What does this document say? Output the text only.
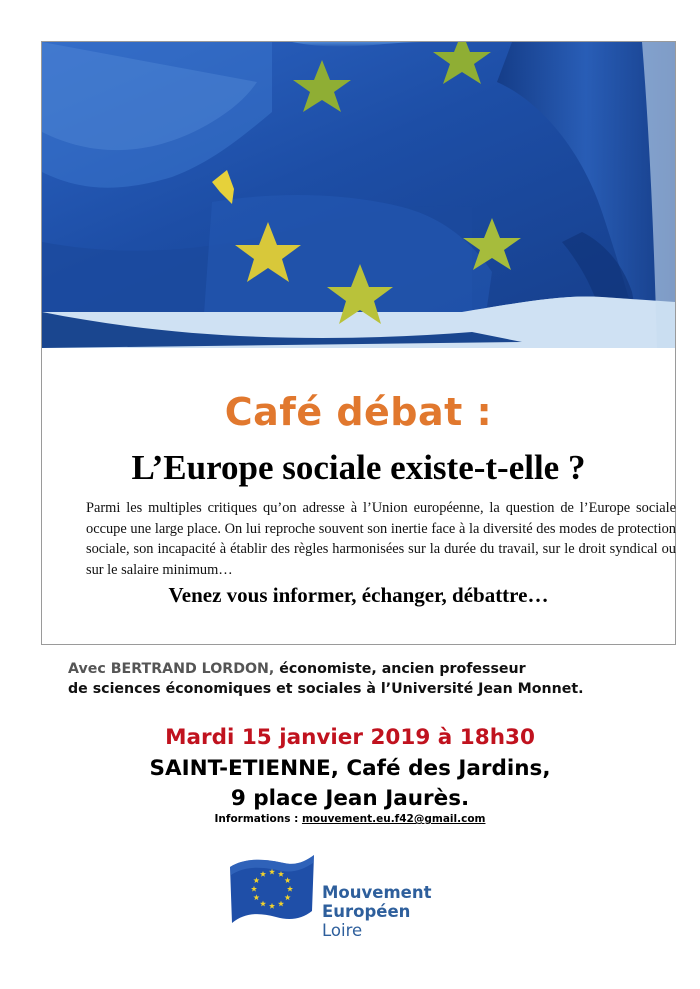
Café débat :

L’Europe sociale existe-t-elle ?

Parmi les multiples critiques qu’on adresse à l’Union européenne, la question de l’Europe sociale occupe une large place. On lui reproche souvent son inertie face à la diversité des modes de protection sociale, son incapacité à établir des règles harmonisées sur la durée du travail, sur le droit syndical ou sur le salaire minimum…

Venez vous informer, échanger, débattre…

Avec BERTRAND LORDON, économiste, ancien professeur
de sciences économiques et sociales à l’Université Jean Monnet.

Mardi 15 janvier 2019 à 18h30

SAINT-ETIENNE, Café des Jardins,

9 place Jean Jaurès.

Informations : mouvement.eu.f42@gmail.com

Mouvement
Européen
Loire
